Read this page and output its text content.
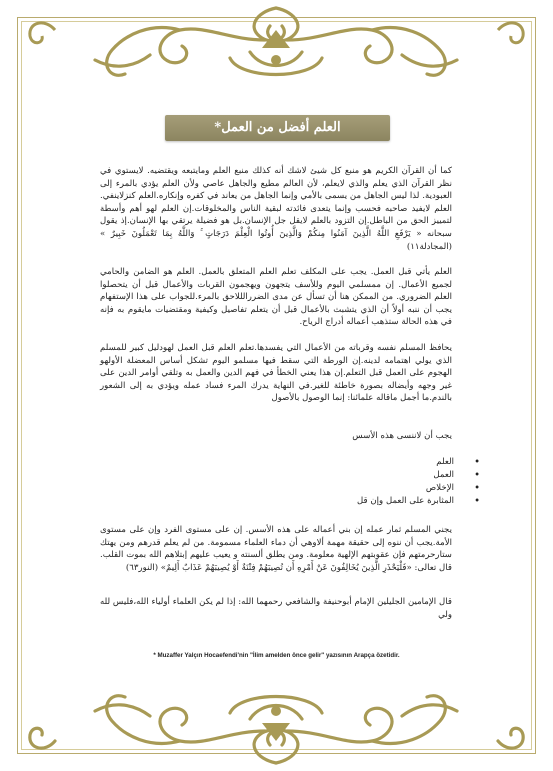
العلم أفضل من العمل*

كما أن القرآن الكريم هو منبع كل شيئ لاشك أنه كذلك منبع العلم ومايتبعه ويقتضيه. لايستوي في نظر القرآن الذي يعلم والذي لايعلم، لأن العالم مطيع والجاهل عاصي ولأن العلم يؤدي بالمرء إلى العبودية. لذا ليس الجاهل من يسمى بالأمي وإنما الجاهل من يعاند في كفره وإنكاره.العلم كنزلاينفي. العلم لايفيد صاحبه فحسب وإنما يتعدى فائدته لبقية الناس والمخلوقات.إن العلم لهو أهم وأسطة لتمييز الحق من الباطل.إن التزود بالعلم لايقل جل الإنسان.بل هو فضيلة يرتقي بها الإنسان.إذ يقول سبحانه « يَرْفَعِ اللَّهُ الَّذِينَ آمَنُوا مِنكُمْ وَالَّذِينَ أُوتُوا الْعِلْمَ دَرَجَاتٍ ۚ وَاللَّهُ بِمَا تَعْمَلُونَ خَبِيرٌ » (المجادلة١١)

العلم يأتي قبل العمل. يجب على المكلف تعلم العلم المتعلق بالعمل. العلم هو الضامن والحامي لجميع الأعمال. إن ممسلمي اليوم وللأسف يتجهون ويهجمون القربات والأعمال قبل أن يتحصلوا العلم الضروري. من الممكن هنا أن تسأل عن مدى الضررالللاحق بالمرء.للجواب على هذا الإستفهام يجب أن ننبه أولاً أن الذي يتشبث بالأعمال قبل أن يتعلم تفاصيل وكيفية ومقتضيات مايقوم به فإنه في هذه الحالة ستذهب أعماله أدراج الرياح.

يحافظ المسلم نفسه وقرباته من الأعمال التي يفسدها.تعلم العلم قبل العمل لهودليل كبير للمسلم الذي يولي اهتمامه لدينه.إن الورطة التي سقط فيها مسلمو اليوم تشكل أساس المعضلة الأولهو الهجوم على العمل قبل التعلم.إن هذا يعني الخطأ في فهم الدين والعمل به وتلقي أوامر الدين على غير وجهه وأيضاله بصورة خاطئة للغير.في النهاية يدرك المرء فساد عمله ويؤدي به إلى الشعور بالندم.ما أجمل ماقاله علمائنا: إنما الوصول بالأصول

يجب أن لاننسى هذه الأسس

• العلم
• العمل
• الإخلاص
• المثابرة على العمل وإن قل

يجني المسلم ثمار عمله إن بني أعماله على هذه الأسس. إن على مستوى الفرد وإن على مستوى الأمة.يجب أن ننوه إلى حقيقة مهمة ألاوهي أن دماء العلماء مسمومة. من لم يعلم قدرهم ومن يهتك ستارحرمتهم فإن عقوبتهم الإلهية معلومة. ومن يطلق ألسنته و يعيب عليهم إبتلاهم الله بموت القلب. قال تعالى: «فَلْيَحْذَرِ الَّذِينَ يُخَالِفُونَ عَنْ أَمْرِهِ أَن تُصِيبَهُمْ فِتْنَةٌ أَوْ يُصِيبَهُمْ عَذَابٌ أَلِيمٌ» (النور٦٣)

قال الإمامين الجليلين الإمام أبوحنيفة والشافعي رحمهما الله: إذا لم يكن العلماء أولياء الله،فليس لله ولي

* Muzaffer Yalçın Hocaefendi'nin "İlim amelden önce gelir" yazısının Arapça özetidir.
